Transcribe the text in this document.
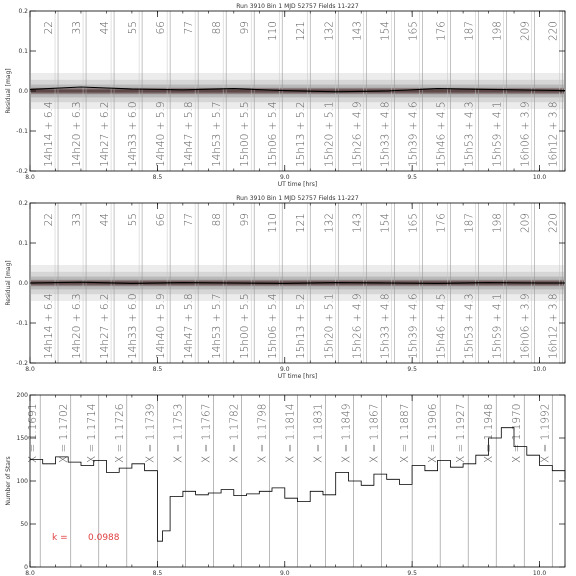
22
14h14 + 6.4
33
14h20 + 6.3
44
14h27 + 6.2
55
14h33 + 6.0
66
14h40 + 5.9
77
14h47 + 5.8
88
14h53 + 5.7
99
15h00 + 5.5
110
15h06 + 5.4
121
15h13 + 5.2
132
15h20 + 5.1
143
15h26 + 4.9
154
15h33 + 4.8
165
15h39 + 4.6
176
15h46 + 4.5
187
15h53 + 4.3
198
15h59 + 4.1
209
16h06 + 3.9
220
16h12 + 3.8
8.0	8.5	9.0	9.5	10.0
-0.2
-0.1
0.0
0.1
0.2
UT time [hrs]
Residual [mag]
Run 3910 Bin 1 MJD 52757 Fields 11-227
22
14h14 + 6.4
33
14h20 + 6.3
44
14h27 + 6.2
55
14h33 + 6.0
66
14h40 + 5.9
77
14h47 + 5.8
88
14h53 + 5.7
99
15h00 + 5.5
110
15h06 + 5.4
121
15h13 + 5.2
132
15h20 + 5.1
143
15h26 + 4.9
154
15h33 + 4.8
165
15h39 + 4.6
176
15h46 + 4.5
187
15h53 + 4.3
198
15h59 + 4.1
209
16h06 + 3.9
220
16h12 + 3.8
8.0	8.5	9.0	9.5	10.0
-0.2
-0.1
0.0
0.1
0.2
UT time [hrs]
Residual [mag]
Run 3910 Bin 1 MJD 52757 Fields 11-227
X = 1.1691 X = 1.1702 X = 1.1714 X = 1.1726 X = 1.1739 X = 1.1753 X = 1.1767 X = 1.1782 X = 1.1798 X = 1.1814 X = 1.1831 X = 1.1849 X = 1.1867 X = 1.1887 X = 1.1906 X = 1.1927 X = 1.1948 X = 1.1970 X = 1.1992
k = 0.0988
8.0	8.5	9.0	9.5	10.0
0
50
100
150
200
Number of Stars
